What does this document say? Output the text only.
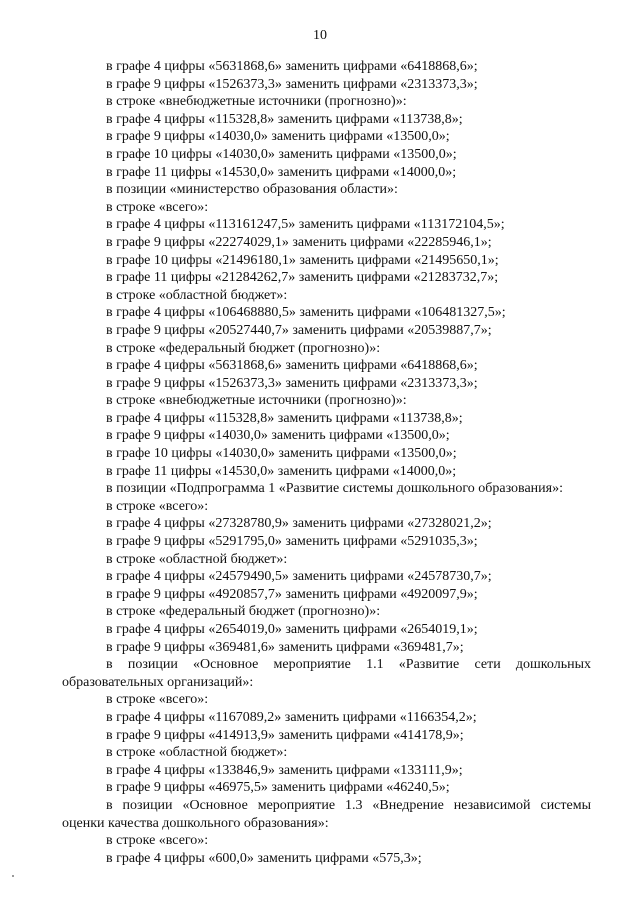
10
в графе 4 цифры «5631868,6» заменить цифрами «6418868,6»;
в графе 9 цифры «1526373,3» заменить цифрами «2313373,3»;
в строке «внебюджетные источники (прогнозно)»:
в графе 4 цифры «115328,8» заменить цифрами «113738,8»;
в графе 9 цифры «14030,0» заменить цифрами «13500,0»;
в графе 10 цифры «14030,0» заменить цифрами «13500,0»;
в графе 11 цифры «14530,0» заменить цифрами «14000,0»;
в позиции «министерство образования области»:
в строке «всего»:
в графе 4 цифры «113161247,5» заменить цифрами «113172104,5»;
в графе 9 цифры «22274029,1» заменить цифрами «22285946,1»;
в графе 10 цифры «21496180,1» заменить цифрами «21495650,1»;
в графе 11 цифры «21284262,7» заменить цифрами «21283732,7»;
в строке «областной бюджет»:
в графе 4 цифры «106468880,5» заменить цифрами «106481327,5»;
в графе 9 цифры «20527440,7» заменить цифрами «20539887,7»;
в строке «федеральный бюджет (прогнозно)»:
в графе 4 цифры «5631868,6» заменить цифрами «6418868,6»;
в графе 9 цифры «1526373,3» заменить цифрами «2313373,3»;
в строке «внебюджетные источники (прогнозно)»:
в графе 4 цифры «115328,8» заменить цифрами «113738,8»;
в графе 9 цифры «14030,0» заменить цифрами «13500,0»;
в графе 10 цифры «14030,0» заменить цифрами «13500,0»;
в графе 11 цифры «14530,0» заменить цифрами «14000,0»;
в позиции «Подпрограмма 1 «Развитие системы дошкольного образования»:
в строке «всего»:
в графе 4 цифры «27328780,9» заменить цифрами «27328021,2»;
в графе 9 цифры «5291795,0» заменить цифрами «5291035,3»;
в строке «областной бюджет»:
в графе 4 цифры «24579490,5» заменить цифрами «24578730,7»;
в графе 9 цифры «4920857,7» заменить цифрами «4920097,9»;
в строке «федеральный бюджет (прогнозно)»:
в графе 4 цифры «2654019,0» заменить цифрами «2654019,1»;
в графе 9 цифры «369481,6» заменить цифрами «369481,7»;
в позиции «Основное мероприятие 1.1 «Развитие сети дошкольных
образовательных организаций»:
в строке «всего»:
в графе 4 цифры «1167089,2» заменить цифрами «1166354,2»;
в графе 9 цифры «414913,9» заменить цифрами «414178,9»;
в строке «областной бюджет»:
в графе 4 цифры «133846,9» заменить цифрами «133111,9»;
в графе 9 цифры «46975,5» заменить цифрами «46240,5»;
в позиции «Основное мероприятие 1.3 «Внедрение независимой системы
оценки качества дошкольного образования»:
в строке «всего»:
в графе 4 цифры «600,0» заменить цифрами «575,3»;
